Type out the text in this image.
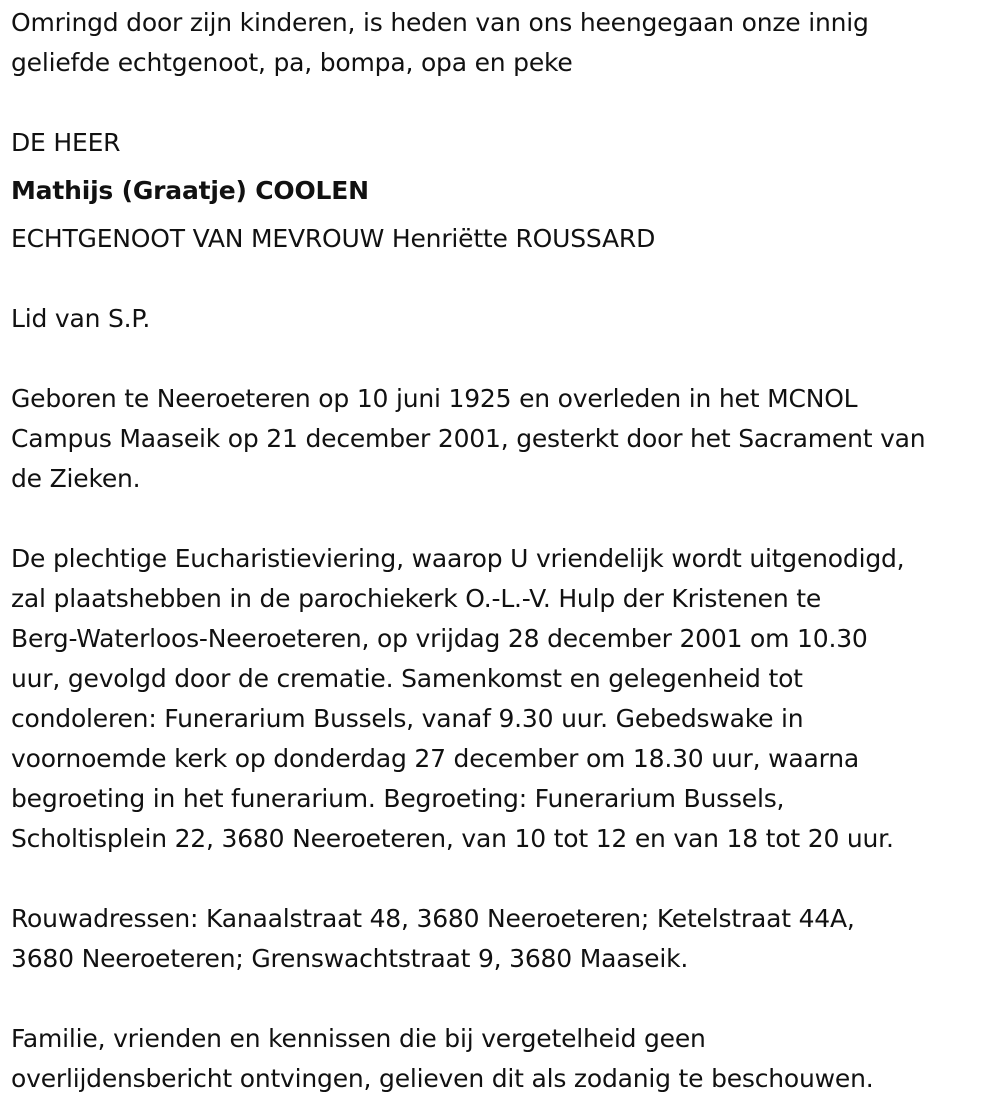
Omringd door zijn kinderen, is heden van ons heengegaan onze innig
geliefde echtgenoot, pa, bompa, opa en peke
DE HEER
Mathijs (Graatje) COOLEN
ECHTGENOOT VAN MEVROUW Henriëtte ROUSSARD
Lid van S.P.
Geboren te Neeroeteren op 10 juni 1925 en overleden in het MCNOL
Campus Maaseik op 21 december 2001, gesterkt door het Sacrament van
de Zieken.
De plechtige Eucharistieviering, waarop U vriendelijk wordt uitgenodigd,
zal plaatshebben in de parochiekerk O.-L.-V. Hulp der Kristenen te
Berg-Waterloos-Neeroeteren, op vrijdag 28 december 2001 om 10.30
uur, gevolgd door de crematie. Samenkomst en gelegenheid tot
condoleren: Funerarium Bussels, vanaf 9.30 uur. Gebedswake in
voornoemde kerk op donderdag 27 december om 18.30 uur, waarna
begroeting in het funerarium. Begroeting: Funerarium Bussels,
Scholtisplein 22, 3680 Neeroeteren, van 10 tot 12 en van 18 tot 20 uur.
Rouwadressen: Kanaalstraat 48, 3680 Neeroeteren; Ketelstraat 44A,
3680 Neeroeteren; Grenswachtstraat 9, 3680 Maaseik.
Familie, vrienden en kennissen die bij vergetelheid geen
overlijdensbericht ontvingen, gelieven dit als zodanig te beschouwen.
